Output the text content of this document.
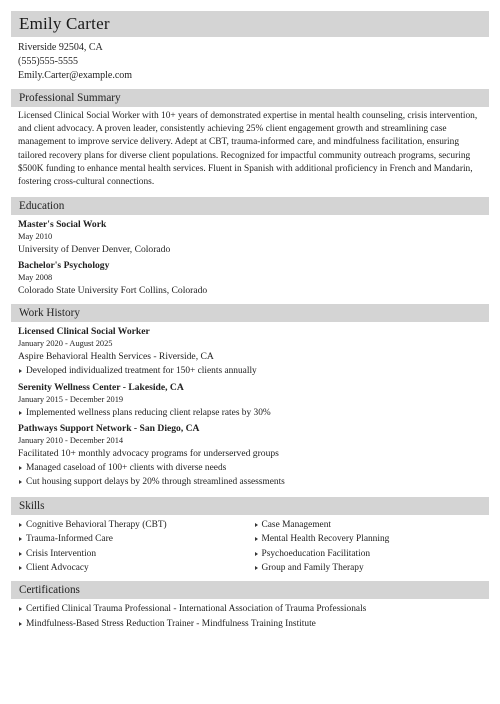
Emily Carter
Riverside 92504, CA
(555)555-5555
Emily.Carter@example.com
Professional Summary
Licensed Clinical Social Worker with 10+ years of demonstrated expertise in mental health counseling, crisis intervention, and client advocacy. A proven leader, consistently achieving 25% client engagement growth and streamlining case management to improve service delivery. Adept at CBT, trauma-informed care, and mindfulness facilitation, ensuring tailored recovery plans for diverse client populations. Recognized for impactful community outreach programs, securing $500K funding to enhance mental health services. Fluent in Spanish with additional proficiency in French and Mandarin, fostering cross-cultural connections.
Education
Master's Social Work
May 2010
University of Denver Denver, Colorado
Bachelor's Psychology
May 2008
Colorado State University Fort Collins, Colorado
Work History
Licensed Clinical Social Worker
January 2020 - August 2025
Aspire Behavioral Health Services - Riverside, CA
Developed individualized treatment for 150+ clients annually
Serenity Wellness Center - Lakeside, CA
January 2015 - December 2019
Implemented wellness plans reducing client relapse rates by 30%
Pathways Support Network - San Diego, CA
January 2010 - December 2014
Facilitated 10+ monthly advocacy programs for underserved groups
Managed caseload of 100+ clients with diverse needs
Cut housing support delays by 20% through streamlined assessments
Skills
Cognitive Behavioral Therapy (CBT)
Trauma-Informed Care
Crisis Intervention
Client Advocacy
Case Management
Mental Health Recovery Planning
Psychoeducation Facilitation
Group and Family Therapy
Certifications
Certified Clinical Trauma Professional - International Association of Trauma Professionals
Mindfulness-Based Stress Reduction Trainer - Mindfulness Training Institute
